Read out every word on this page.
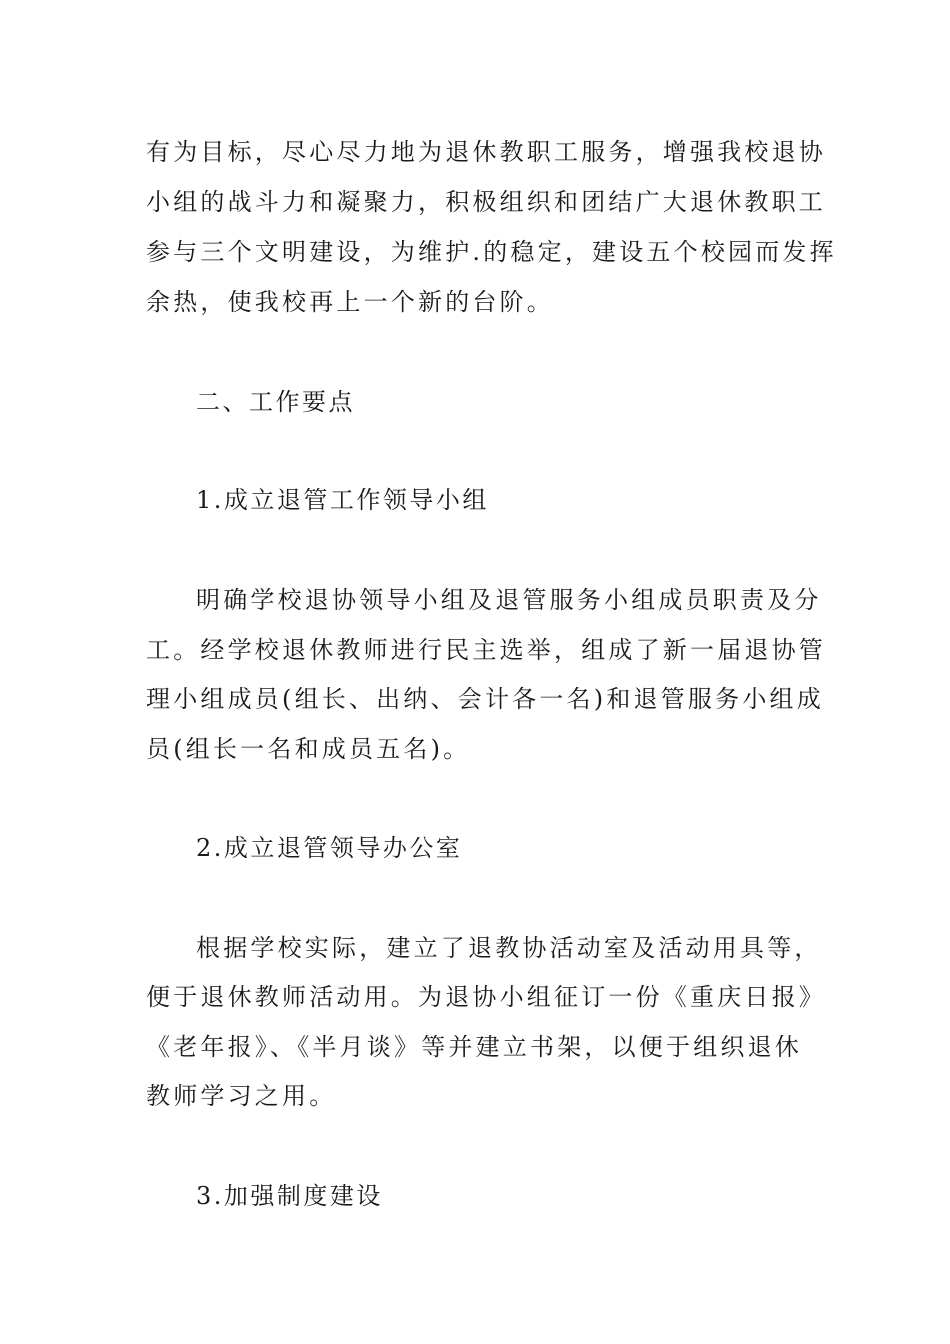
有为目标，尽心尽力地为退休教职工服务，增强我校退协
小组的战斗力和凝聚力，积极组织和团结广大退休教职工
参与三个文明建设，为维护.的稳定，建设五个校园而发挥
余热，使我校再上一个新的台阶。
二、工作要点
1.成立退管工作领导小组
明确学校退协领导小组及退管服务小组成员职责及分
工。经学校退休教师进行民主选举，组成了新一届退协管
理小组成员(组长、出纳、会计各一名)和退管服务小组成
员(组长一名和成员五名)。
2.成立退管领导办公室
根据学校实际，建立了退教协活动室及活动用具等，
便于退休教师活动用。为退协小组征订一份《重庆日报》
《老年报》、《半月谈》等并建立书架，以便于组织退休
教师学习之用。
3.加强制度建设
